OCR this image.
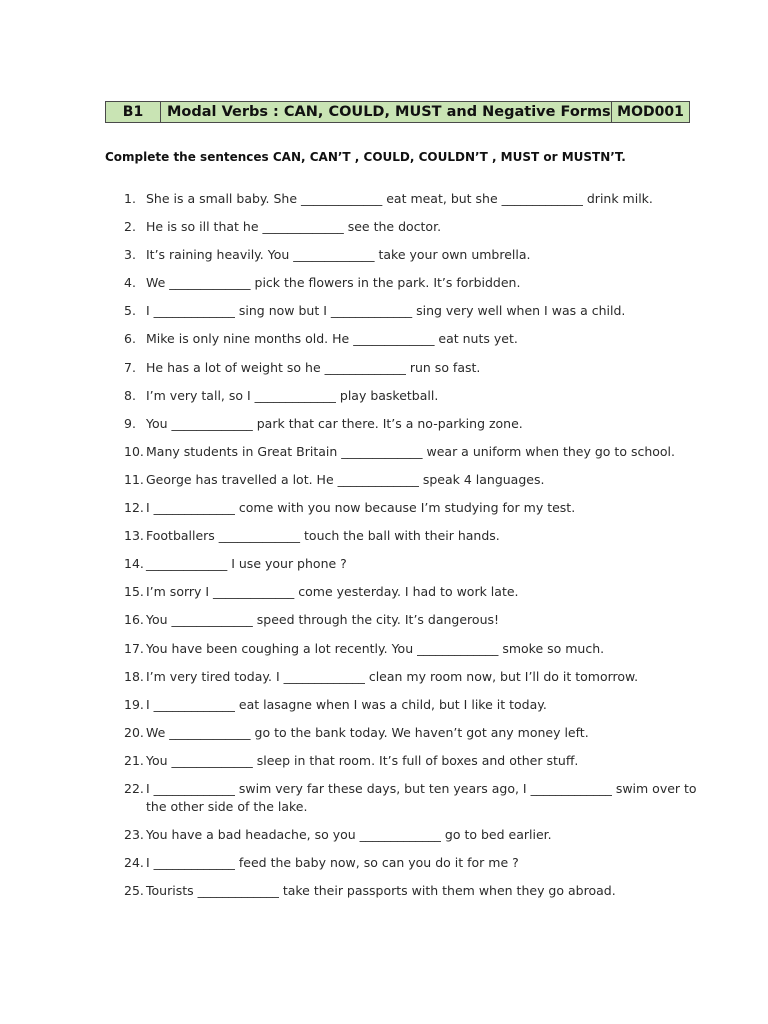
B1	Modal Verbs : CAN, COULD, MUST and Negative Forms MOD001
Complete the sentences CAN, CAN’T , COULD, COULDN’T , MUST or MUSTN’T.
1. She is a small baby. She _____________ eat meat, but she _____________ drink milk.
2. He is so ill that he _____________ see the doctor.
3. It’s raining heavily. You _____________ take your own umbrella.
4. We _____________ pick the flowers in the park. It’s forbidden.
5. I _____________ sing now but I _____________ sing very well when I was a child.
6. Mike is only nine months old. He _____________ eat nuts yet.
7. He has a lot of weight so he _____________ run so fast.
8. I’m very tall, so I _____________ play basketball.
9. You _____________ park that car there. It’s a no-parking zone.
10. Many students in Great Britain _____________ wear a uniform when they go to school.
11. George has travelled a lot. He _____________ speak 4 languages.
12. I _____________ come with you now because I’m studying for my test.
13. Footballers _____________ touch the ball with their hands.
14. _____________ I use your phone ?
15. I’m sorry I _____________ come yesterday. I had to work late.
16. You _____________ speed through the city. It’s dangerous!
17. You have been coughing a lot recently. You _____________ smoke so much.
18. I’m very tired today. I _____________ clean my room now, but I’ll do it tomorrow.
19. I _____________ eat lasagne when I was a child, but I like it today.
20. We _____________ go to the bank today. We haven’t got any money left.
21. You _____________ sleep in that room. It’s full of boxes and other stuff.
22. I _____________ swim very far these days, but ten years ago, I _____________ swim over to the other side of the lake.
23. You have a bad headache, so you _____________ go to bed earlier.
24. I _____________ feed the baby now, so can you do it for me ?
25. Tourists _____________ take their passports with them when they go abroad.
